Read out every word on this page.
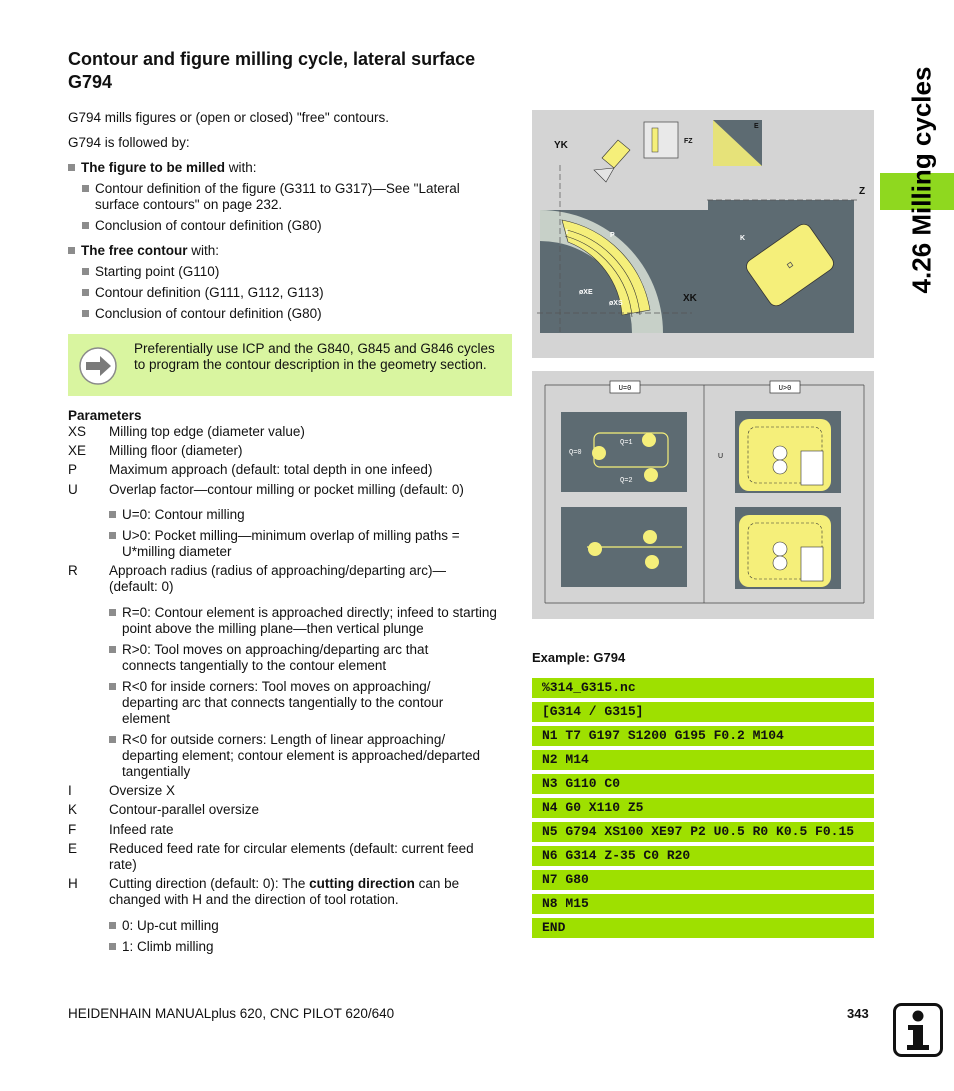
Contour and figure milling cycle, lateral surface G794
G794 mills figures or (open or closed) "free" contours.
G794 is followed by:
The figure to be milled with:
Contour definition of the figure (G311 to G317)—See "Lateral surface contours" on page 232.
Conclusion of contour definition (G80)
The free contour with:
Starting point (G110)
Contour definition (G111, G112, G113)
Conclusion of contour definition (G80)
Preferentially use ICP and the G840, G845 and G846 cycles to program the contour description in the geometry section.
Parameters
XS Milling top edge (diameter value)
XE Milling floor (diameter)
P Maximum approach (default: total depth in one infeed)
U Overlap factor—contour milling or pocket milling (default: 0)
U=0: Contour milling
U>0: Pocket milling—minimum overlap of milling paths = U*milling diameter
R Approach radius (radius of approaching/departing arc)—(default: 0)
R=0: Contour element is approached directly; infeed to starting point above the milling plane—then vertical plunge
R>0: Tool moves on approaching/departing arc that connects tangentially to the contour element
R<0 for inside corners: Tool moves on approaching/ departing arc that connects tangentially to the contour element
R<0 for outside corners: Length of linear approaching/ departing element; contour element is approached/departed tangentially
I	Oversize X
K Contour-parallel oversize
F Infeed rate
E Reduced feed rate for circular elements (default: current feed rate)
H Cutting direction (default: 0): The cutting direction can be changed with H and the direction of tool rotation.
0: Up-cut milling
1: Climb milling
YK
Z
XK
FZ
I	P	K
E
øXE
øXS
U=0	U>0
Q=0
Q=1
Q=2
U
Example: G794
%314_G315.nc
[G314 / G315]
N1 T7 G197 S1200 G195 F0.2 M104
N2 M14
N3 G110 C0
N4 G0 X110 Z5
N5 G794 XS100 XE97 P2 U0.5 R0 K0.5 F0.15
N6 G314 Z-35 C0 R20
N7 G80
N8 M15
END
4.26 Milling cycles
HEIDENHAIN MANUALplus 620, CNC PILOT 620/640	343
